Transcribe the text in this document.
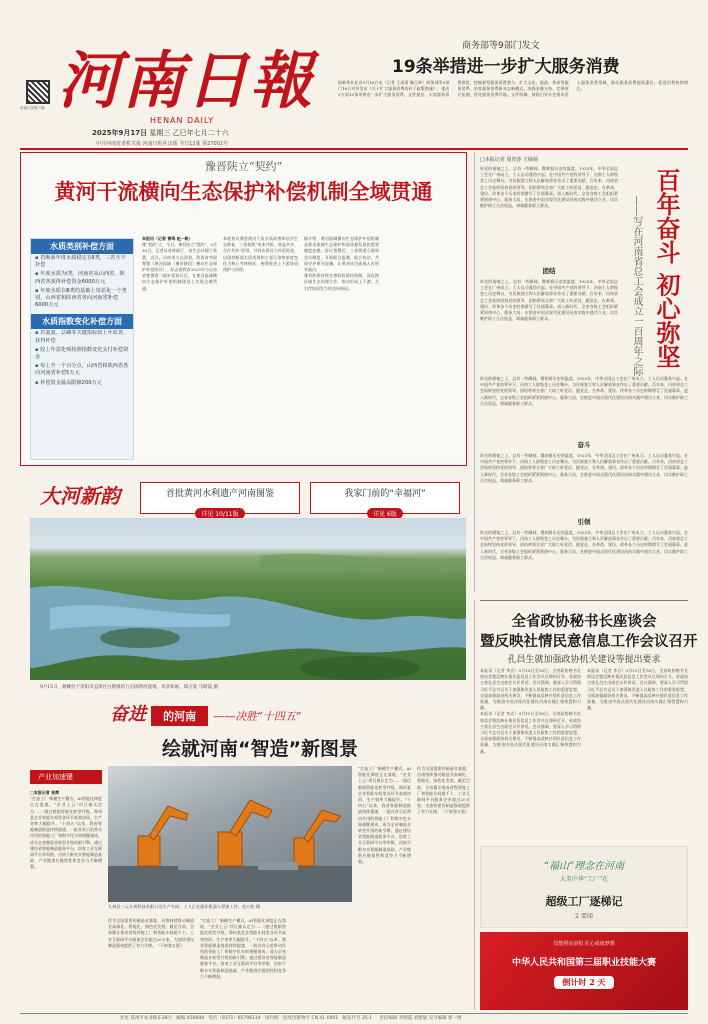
河南日報
HENAN DAILY
河南日报客户端
2025年9月17日 星期三 乙巳年七月二十六
中共河南省委机关报 河南日报社出版 今日12版 第27002号
商务部等9部门发文
19条举措进一步扩大服务消费
据新华社北京9月16日电（记者 王雨萧 魏玉坤）商务部等9部门16日对外发布《关于扩大服务消费的若干政策措施》，提出5方面19条举措进一步扩大服务消费。文件提出，丰富服务消费供给，挖掘新型服务消费潜力，扩大文化、旅游、体育等服务消费，培育服务消费新业态新模式。加强金融支持，完善统计监测，优化服务消费环境。文件明确，鼓励引导社会资本进入服务消费领域，推动服务消费提质惠民，促进消费持续增长。
豫晋陕立“契约”
黄河干流横向生态保护补偿机制全域贯通
水质类别补偿方面
▪ 若断面年度水质稳定在Ⅱ类，三省互不补偿
▪ 年度水质为Ⅰ类，河南省从山西省、陕西省各获得补偿资金6000万元
▪ 年度水质在Ⅲ类的基础上每恶化一个类别，山西省和陕西省各向河南省补偿6000万元
水质指数变化补偿方面
▪ 若氨氮、总磷等关键指标较上年改善，获得补偿
▪ 较上年恶化则按照指数变化支付补偿资金
▪ 每上升一个百分点，山西省和陕西省各向河南省补偿5万元
▪ 补偿资金最高限额200万元
本报讯（记者 曾鸣 赵一帆）
豫“契约”立，今日，豫晋陕立“契约”，9月16日，记者从省财政厅、省生态环境厅获悉，近日，河南省与山西省、陕西省共同签署《黄河流域（豫晋陕段）横向生态保护补偿协议》，标志着我省2023年与山东省签署第二轮补偿协议后，在黄河流域横向生态保护补偿机制建设上实现全域贯通。
本轮协议聚焦黄河干流水质改善和沿岸生态修复，三省按照“成本共担、效益共享、合作共治”原则，共同出资设立补偿资金，以国控断面水质类别和主要污染物浓度变化为核心考核指标，统筹推进上下游协同保护与治理。
据介绍，黄河流域横向生态保护补偿机制是推动流域生态保护和高质量发展的重要制度安排。协议签署后，三省将建立联席会议制度，开展联合监测、联合执法，共同守护黄河安澜，让黄河成为造福人民的幸福河。
豫晋陕将持续完善联防联控机制，深化跨区域生态治理合作，推动形成上下游、左右岸协同发力的良好格局。
□本报记者 周青莎 王绿扬
百年奋斗 初心弥坚
——写在河南省总工会成立一百周年之际
时光的褶皱之上，总有一些瞬间，镌刻着历史的温度。1925年，中华全国总工会在广州成立，工人运动蓬勃兴起。在中国共产党的领导下，河南工人阶级登上历史舞台，为民族独立和人民解放事业作出了重要贡献。百年来，河南省总工会始终坚持党的领导，团结带领全省广大职工听党话、跟党走，在革命、建设、改革各个历史时期谱写了壮丽篇章。进入新时代，全省各级工会组织紧紧围绕中心、服务大局，在推进中国式现代化建设河南实践中建功立业，切实维护职工合法权益，竭诚服务职工群众。
团结
时光的褶皱之上，总有一些瞬间，镌刻着历史的温度。1925年，中华全国总工会在广州成立，工人运动蓬勃兴起。在中国共产党的领导下，河南工人阶级登上历史舞台，为民族独立和人民解放事业作出了重要贡献。百年来，河南省总工会始终坚持党的领导，团结带领全省广大职工听党话、跟党走，在革命、建设、改革各个历史时期谱写了壮丽篇章。进入新时代，全省各级工会组织紧紧围绕中心、服务大局，在推进中国式现代化建设河南实践中建功立业，切实维护职工合法权益，竭诚服务职工群众。
时光的褶皱之上，总有一些瞬间，镌刻着历史的温度。1925年，中华全国总工会在广州成立，工人运动蓬勃兴起。在中国共产党的领导下，河南工人阶级登上历史舞台，为民族独立和人民解放事业作出了重要贡献。百年来，河南省总工会始终坚持党的领导，团结带领全省广大职工听党话、跟党走，在革命、建设、改革各个历史时期谱写了壮丽篇章。进入新时代，全省各级工会组织紧紧围绕中心、服务大局，在推进中国式现代化建设河南实践中建功立业，切实维护职工合法权益，竭诚服务职工群众。
奋斗
时光的褶皱之上，总有一些瞬间，镌刻着历史的温度。1925年，中华全国总工会在广州成立，工人运动蓬勃兴起。在中国共产党的领导下，河南工人阶级登上历史舞台，为民族独立和人民解放事业作出了重要贡献。百年来，河南省总工会始终坚持党的领导，团结带领全省广大职工听党话、跟党走，在革命、建设、改革各个历史时期谱写了壮丽篇章。进入新时代，全省各级工会组织紧紧围绕中心、服务大局，在推进中国式现代化建设河南实践中建功立业，切实维护职工合法权益，竭诚服务职工群众。
引领
时光的褶皱之上，总有一些瞬间，镌刻着历史的温度。1925年，中华全国总工会在广州成立，工人运动蓬勃兴起。在中国共产党的领导下，河南工人阶级登上历史舞台，为民族独立和人民解放事业作出了重要贡献。百年来，河南省总工会始终坚持党的领导，团结带领全省广大职工听党话、跟党走，在革命、建设、改革各个历史时期谱写了壮丽篇章。进入新时代，全省各级工会组织紧紧围绕中心、服务大局，在推进中国式现代化建设河南实践中建功立业，切实维护职工合法权益，竭诚服务职工群众。
大河新韵	首批黄河水利遗产河南图鉴
详见 10/11版
我家门前的“幸福河”
详见 6版
9月15日，俯瞰位于洛阳市孟津区白鹤镇的万亩湖黄河湿地，风景如画。郑占波 马昭磊 摄
奋进 的河南 ——决胜“十四五”
绘就河南“智造”新图景
产业加速键
□本报记者 张辉
“打造工厂‘新模生产模式，AI智能化调度正在落地，“企业上云”项目被认定为……”通过数据智能化转型升级，郑州某企业智能车间里各环节高效协同，生产效率大幅提升。“十四五”以来，我省智能制造推进持续提速，一批具有示范带动作用的智能工厂和数字化车间相继建成，成为全省制造业转型升级的新引擎。通过建设省智能制造服务平台、培育工业互联网平台等举措，河南不断夯实智能制造基础，产业链供应链韧性和竞争力不断增强。
九州县三元九州科技有限公司生产车间，工人正在操作机器人焊接工件。赵万松 摄
作为全国重要的制造业基地，河南持续推动制造业高端化、智能化、绿色化发展。截至目前，全省累计建成省级智能工厂和智能车间超千个，工业互联网平台服务企业超过20万家，为加快建设制造强省提供了有力支撑。（下转第五版）
“打造工厂‘新模生产模式，AI智能化调度正在落地，“企业上云”项目被认定为……”通过数据智能化转型升级，郑州某企业智能车间里各环节高效协同，生产效率大幅提升。“十四五”以来，我省智能制造推进持续提速，一批具有示范带动作用的智能工厂和数字化车间相继建成，成为全省制造业转型升级的新引擎。通过建设省智能制造服务平台、培育工业互联网平台等举措，河南不断夯实智能制造基础，产业链供应链韧性和竞争力不断增强。
“打造工厂‘新模生产模式，AI智能化调度正在落地，“企业上云”项目被认定为……”通过数据智能化转型升级，郑州某企业智能车间里各环节高效协同，生产效率大幅提升。“十四五”以来，我省智能制造推进持续提速，一批具有示范带动作用的智能工厂和数字化车间相继建成，成为全省制造业转型升级的新引擎。通过建设省智能制造服务平台、培育工业互联网平台等举措，河南不断夯实智能制造基础，产业链供应链韧性和竞争力不断增强。
作为全国重要的制造业基地，河南持续推动制造业高端化、智能化、绿色化发展。截至目前，全省累计建成省级智能工厂和智能车间超千个，工业互联网平台服务企业超过20万家，为加快建设制造强省提供了有力支撑。（下转第五版）
全省政协秘书长座谈会
暨反映社情民意信息工作会议召开
孔昌生就加强政协机关建设等提出要求
本报讯（记者 李点）9月15日至16日，全省政协秘书长座谈会暨反映社情民意信息工作会议在郑州召开。省政协主席孔昌生出席会议并讲话。会议强调，要深入学习贯彻习近平总书记关于加强和改进人民政协工作的重要思想，全面加强政协机关建设，不断提高反映社情民意信息工作质量，为推进中国式现代化建设河南实践汇聚智慧和力量。
本报讯（记者 李点）9月15日至16日，全省政协秘书长座谈会暨反映社情民意信息工作会议在郑州召开。省政协主席孔昌生出席会议并讲话。会议强调，要深入学习贯彻习近平总书记关于加强和改进人民政协工作的重要思想，全面加强政协机关建设，不断提高反映社情民意信息工作质量，为推进中国式现代化建设河南实践汇聚智慧和力量。
本报讯（记者 李点）9月15日至16日，全省政协秘书长座谈会暨反映社情民意信息工作会议在郑州召开。省政协主席孔昌生出席会议并讲话。会议强调，要深入学习贯彻习近平总书记关于加强和改进人民政协工作的重要思想，全面加强政协机关建设，不断提高反映社情民意信息工作质量，为推进中国式现代化建设河南实践汇聚智慧和力量。
“福山”理念在河南
大美中华“工厂”在
超级工厂逐梯记
2 要闻
技能照亮前程 匠心成就梦想
中华人民共和国第三届职业技能大赛
倒计时 2 天
社址 郑州市农业路东28号 邮编 450008 电话（0371）65796114 国内统一连续出版物号 CN 41-0001 邮发代号 35-1 责任编辑 李晓霞 刘建敏 见习编辑 郭一博
